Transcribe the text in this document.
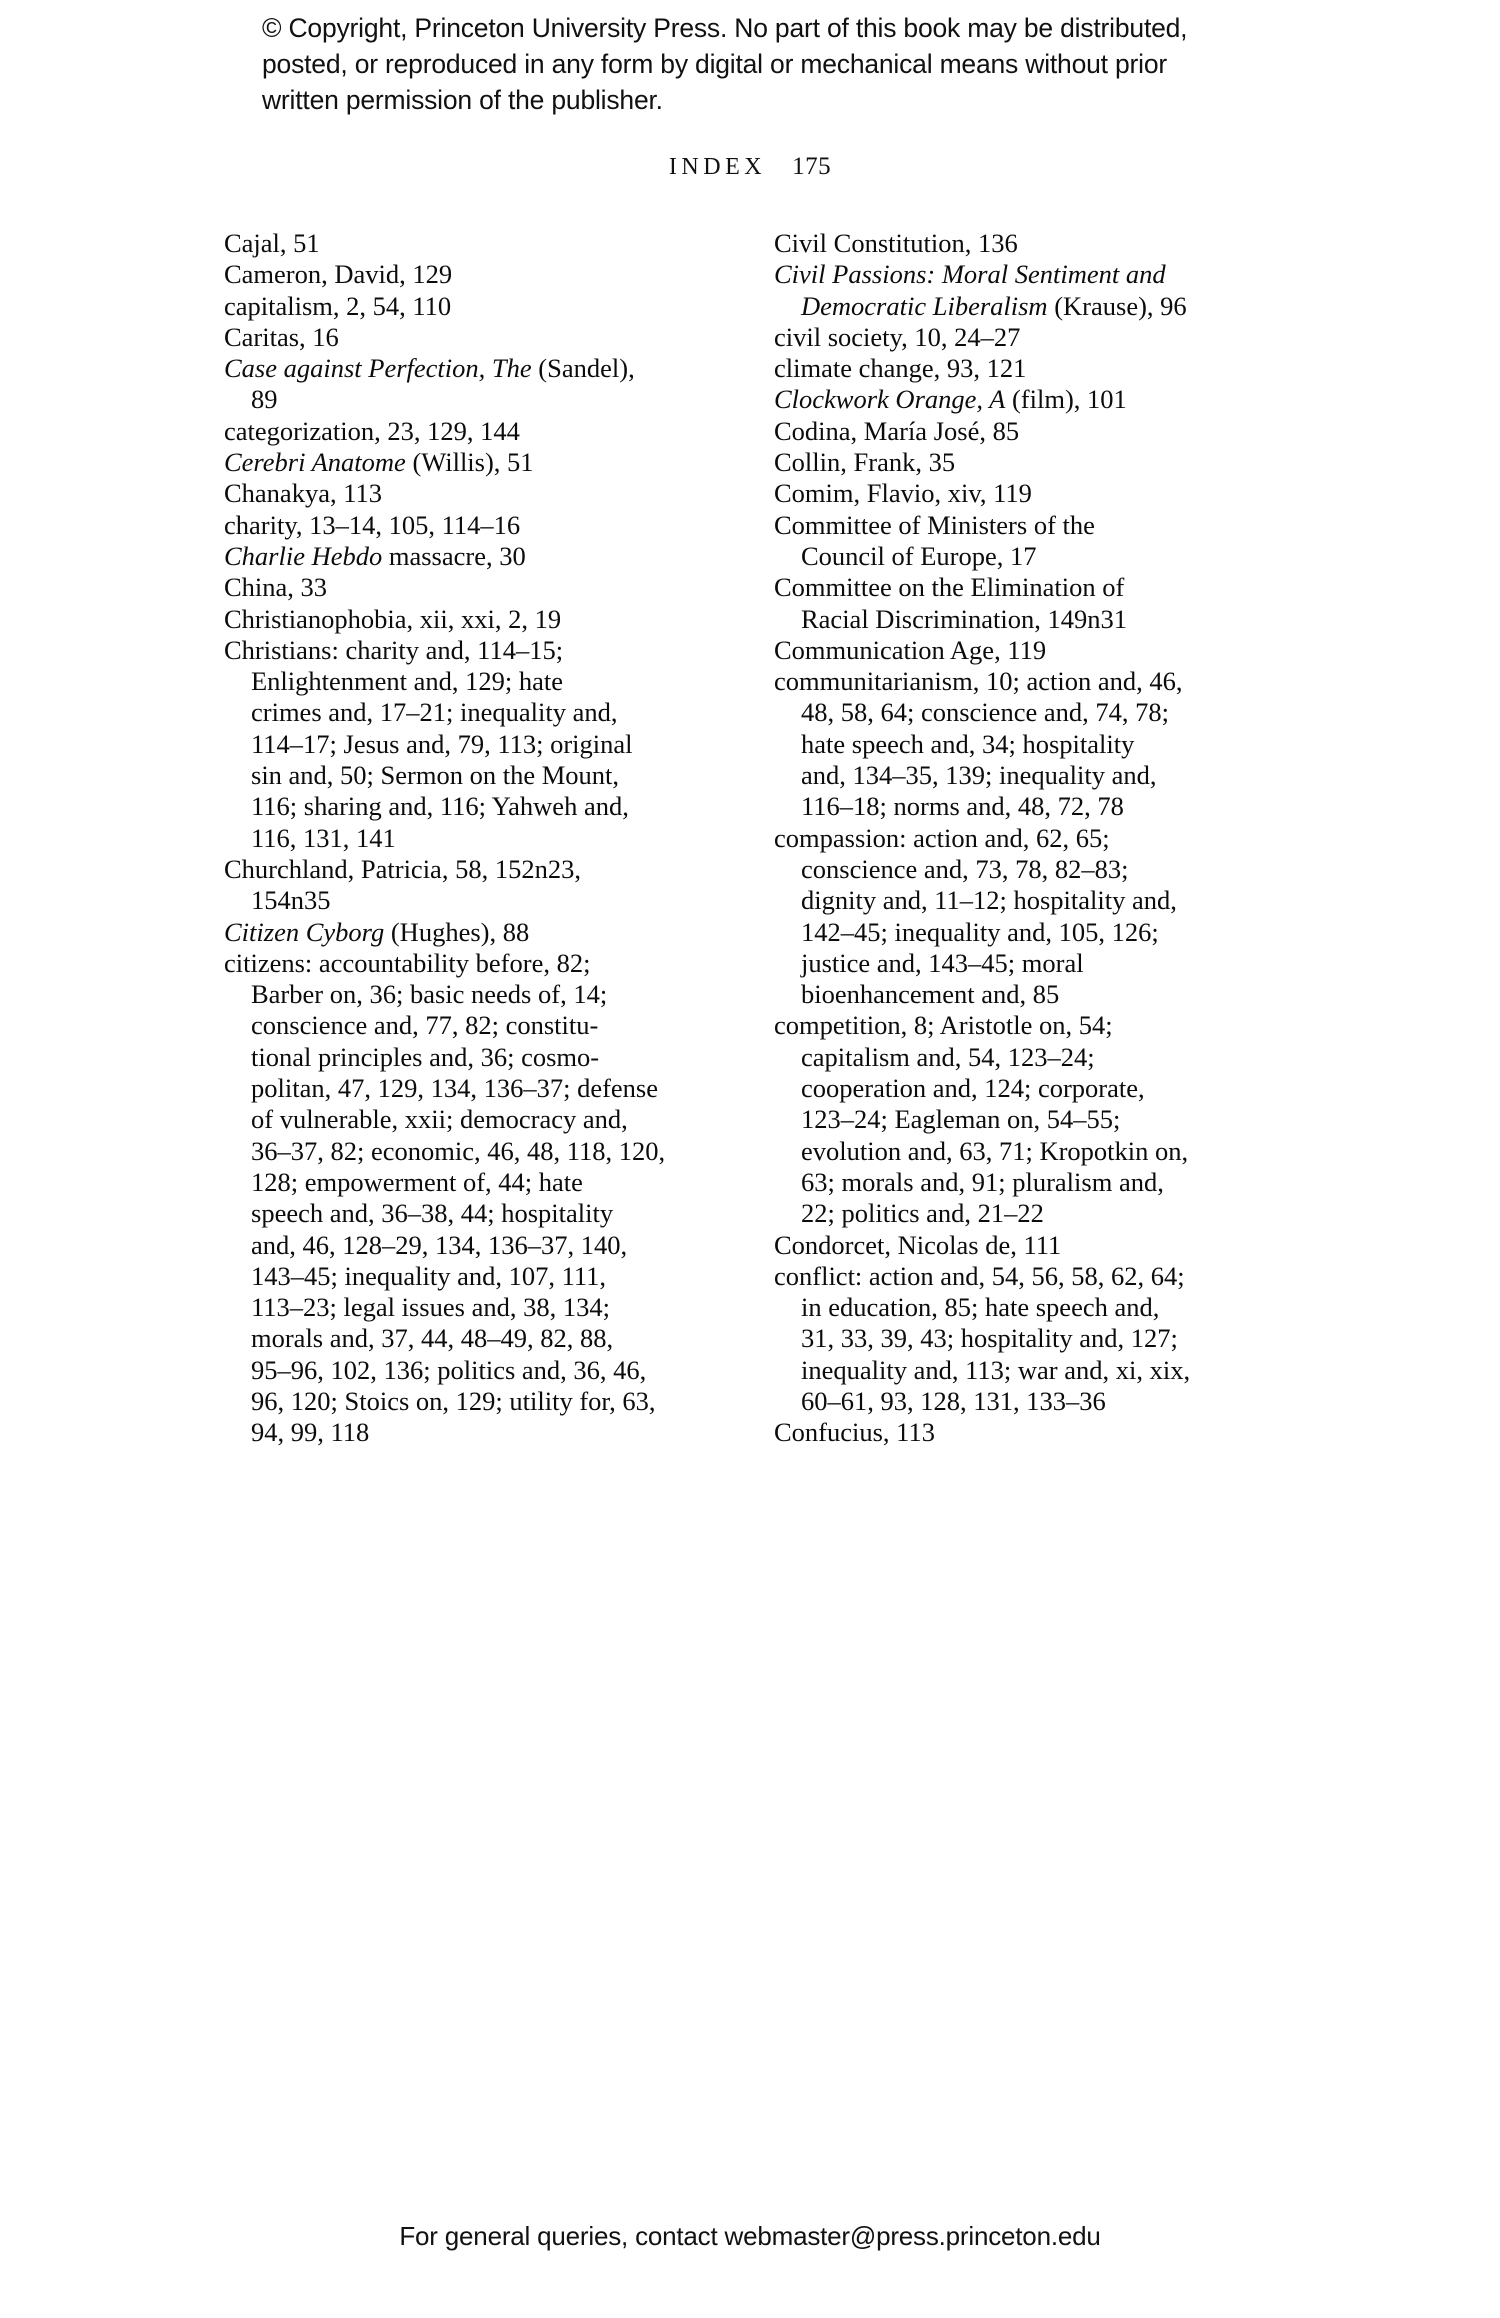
© Copyright, Princeton University Press. No part of this book may be distributed, posted, or reproduced in any form by digital or mechanical means without prior written permission of the publisher.
INDEX 175
Cajal, 51
Cameron, David, 129
capitalism, 2, 54, 110
Caritas, 16
Case against Perfection, The (Sandel),
89
categorization, 23, 129, 144
Cerebri Anatome (Willis), 51
Chanakya, 113
charity, 13–14, 105, 114–16
Charlie Hebdo massacre, 30
China, 33
Christianophobia, xii, xxi, 2, 19
Christians: charity and, 114–15;
Enlightenment and, 129; hate
crimes and, 17–21; inequality and,
114–17; Jesus and, 79, 113; original
sin and, 50; Sermon on the Mount,
116; sharing and, 116; Yahweh and,
116, 131, 141
Churchland, Patricia, 58, 152n23,
154n35
Citizen Cyborg (Hughes), 88
citizens: accountability before, 82;
Barber on, 36; basic needs of, 14;
conscience and, 77, 82; constitu-
tional principles and, 36; cosmo-
politan, 47, 129, 134, 136–37; defense
of vulnerable, xxii; democracy and,
36–37, 82; economic, 46, 48, 118, 120,
128; empowerment of, 44; hate
speech and, 36–38, 44; hospitality
and, 46, 128–29, 134, 136–37, 140,
143–45; inequality and, 107, 111,
113–23; legal issues and, 38, 134;
morals and, 37, 44, 48–49, 82, 88,
95–96, 102, 136; politics and, 36, 46,
96, 120; Stoics on, 129; utility for, 63,
94, 99, 118
Civil Constitution, 136
Civil Passions: Moral Sentiment and
Democratic Liberalism (Krause), 96
civil society, 10, 24–27
climate change, 93, 121
Clockwork Orange, A (film), 101
Codina, María José, 85
Collin, Frank, 35
Comim, Flavio, xiv, 119
Committee of Ministers of the
Council of Europe, 17
Committee on the Elimination of
Racial Discrimination, 149n31
Communication Age, 119
communitarianism, 10; action and, 46,
48, 58, 64; conscience and, 74, 78;
hate speech and, 34; hospitality
and, 134–35, 139; inequality and,
116–18; norms and, 48, 72, 78
compassion: action and, 62, 65;
conscience and, 73, 78, 82–83;
dignity and, 11–12; hospitality and,
142–45; inequality and, 105, 126;
justice and, 143–45; moral
bioenhancement and, 85
competition, 8; Aristotle on, 54;
capitalism and, 54, 123–24;
cooperation and, 124; corporate,
123–24; Eagleman on, 54–55;
evolution and, 63, 71; Kropotkin on,
63; morals and, 91; pluralism and,
22; politics and, 21–22
Condorcet, Nicolas de, 111
conflict: action and, 54, 56, 58, 62, 64;
in education, 85; hate speech and,
31, 33, 39, 43; hospitality and, 127;
inequality and, 113; war and, xi, xix,
60–61, 93, 128, 131, 133–36
Confucius, 113
For general queries, contact webmaster@press.princeton.edu
